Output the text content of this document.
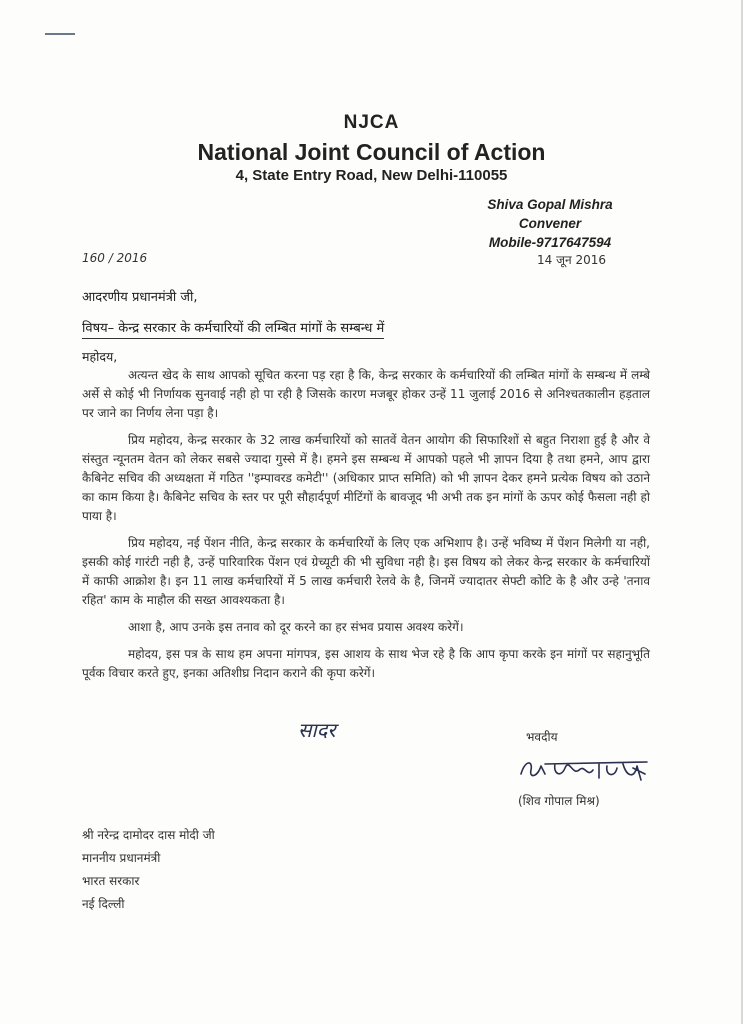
NJCA
National Joint Council of Action
4, State Entry Road, New Delhi-110055
Shiva Gopal Mishra
Convener
Mobile-9717647594
160 / 2016	14 जून 2016
आदरणीय प्रधानमंत्री जी,
विषय– केन्द्र सरकार के कर्मचारियों की लम्बित मांगों के सम्बन्ध में
महोदय,

अत्यन्त खेद के साथ आपको सूचित करना पड़ रहा है कि, केन्द्र सरकार के कर्मचारियों की लम्बित मांगों के सम्बन्ध में लम्बे अर्से से कोई भी निर्णायक सुनवाई नही हो पा रही है जिसके कारण मजबूर होकर उन्हें 11 जुलाई 2016 से अनिश्चतकालीन हड़ताल पर जाने का निर्णय लेना पड़ा है।

प्रिय महोदय, केन्द्र सरकार के 32 लाख कर्मचारियों को सातवें वेतन आयोग की सिफारिशों से बहुत निराशा हुई है और वे संस्तुत न्यूनतम वेतन को लेकर सबसे ज्यादा गुस्से में है। हमने इस सम्बन्ध में आपको पहले भी ज्ञापन दिया है तथा हमने, आप द्वारा कैबिनेट सचिव की अध्यक्षता में गठित ''इम्पावरड कमेटी'' (अधिकार प्राप्त समिति) को भी ज्ञापन देकर हमने प्रत्येक विषय को उठाने का काम किया है। कैबिनेट सचिव के स्तर पर पूरी सौहार्दपूर्ण मीटिंगों के बावजूद भी अभी तक इन मांगों के ऊपर कोई फैसला नही हो पाया है।

प्रिय महोदय, नई पेंशन नीति, केन्द्र सरकार के कर्मचारियों के लिए एक अभिशाप है। उन्हें भविष्य में पेंशन मिलेगी या नही, इसकी कोई गारंटी नही है, उन्हें पारिवारिक पेंशन एवं ग्रेच्यूटी की भी सुविधा नही है। इस विषय को लेकर केन्द्र सरकार के कर्मचारियों में काफी आक्रोश है। इन 11 लाख कर्मचारियों में 5 लाख कर्मचारी रेलवे के है, जिनमें ज्यादातर सेफ्टी कोटि के है और उन्हे 'तनाव रहित' काम के माहौल की सख्त आवश्यकता है।

आशा है, आप उनके इस तनाव को दूर करने का हर संभव प्रयास अवश्य करेगें।

महोदय, इस पत्र के साथ हम अपना मांगपत्र, इस आशय के साथ भेज रहे है कि आप कृपा करके इन मांगों पर सहानुभूति पूर्वक विचार करते हुए, इनका अतिशीघ्र निदान कराने की कृपा करेगें।

सादर	भवदीय
(शिव गोपाल मिश्र)
श्री नरेन्द्र दामोदर दास मोदी जी
माननीय प्रधानमंत्री
भारत सरकार
नई दिल्ली
